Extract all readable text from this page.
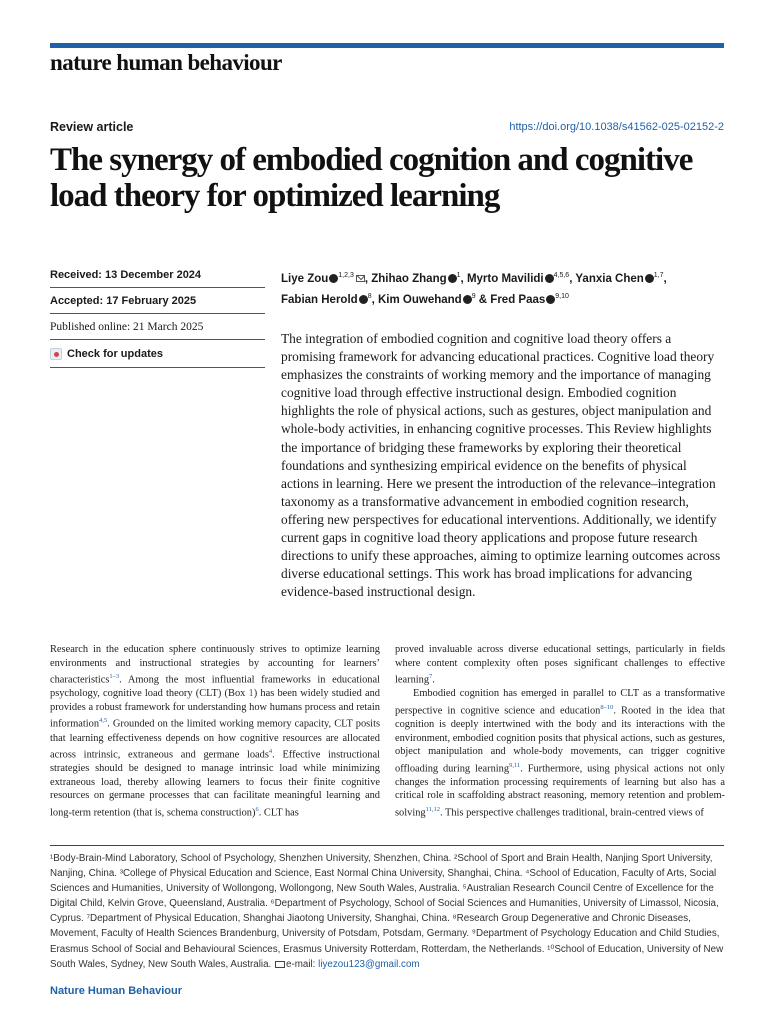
nature human behaviour
Review article	https://doi.org/10.1038/s41562-025-02152-2
The synergy of embodied cognition and cognitive load theory for optimized learning
Received: 13 December 2024
Accepted: 17 February 2025
Published online: 21 March 2025
Check for updates
Liye Zou $^{1,2,3}$ , Zhihao Zhang $^1$, Myrto Mavilidi $^{4,5,6}$, Yanxia Chen $^{1,7}$, Fabian Herold $^8$, Kim Ouwehand $^9$ & Fred Paas $^{9,10}$

The integration of embodied cognition and cognitive load theory offers a promising framework for advancing educational practices. Cognitive load theory emphasizes the constraints of working memory and the importance of managing cognitive load through effective instructional design. Embodied cognition highlights the role of physical actions, such as gestures, object manipulation and whole-body activities, in enhancing cognitive processes. This Review highlights the importance of bridging these frameworks by exploring their theoretical foundations and synthesizing empirical evidence on the benefits of physical actions in learning. Here we present the introduction of the relevance–integration taxonomy as a transformative advancement in embodied cognition research, offering new perspectives for educational interventions. Additionally, we identify current gaps in cognitive load theory applications and propose future research directions to unify these approaches, aiming to optimize learning outcomes across diverse educational settings. This work has broad implications for advancing evidence-based instructional design.

Research in the education sphere continuously strives to optimize learning environments and instructional strategies by accounting for learners’ characteristics$^{1-3}$. Among the most influential frameworks in educational psychology, cognitive load theory (CLT) (Box 1) has been widely studied and provides a robust framework for understanding how humans process and retain information$^{4,5}$. Grounded on the limited working memory capacity, CLT posits that learning effectiveness depends on how cognitive resources are allocated across intrinsic, extraneous and germane loads$^4$. Effective instructional strategies should be designed to manage intrinsic load while minimizing extraneous load, thereby allowing learners to focus their finite cognitive resources on germane processes that can facilitate meaningful learning and long-term retention (that is, schema construction)$^6$. CLT has

proved invaluable across diverse educational settings, particularly in fields where content complexity often poses significant challenges to effective learning$^7$.

Embodied cognition has emerged in parallel to CLT as a transformative perspective in cognitive science and education$^{8-10}$. Rooted in the idea that cognition is deeply intertwined with the body and its interactions with the environment, embodied cognition posits that physical actions, such as gestures, object manipulation and whole-body movements, can trigger cognitive offloading during learning$^{9,11}$. Furthermore, using physical actions not only changes the information processing requirements of learning but also has a critical role in scaffolding abstract reasoning, memory retention and problem-solving$^{11,12}$. This perspective challenges traditional, brain-centred views of

¹Body-Brain-Mind Laboratory, School of Psychology, Shenzhen University, Shenzhen, China. ²School of Sport and Brain Health, Nanjing Sport University, Nanjing, China. ³College of Physical Education and Science, East Normal China University, Shanghai, China. ⁴School of Education, Faculty of Arts, Social Sciences and Humanities, University of Wollongong, Wollongong, New South Wales, Australia. ⁵Australian Research Council Centre of Excellence for the Digital Child, Kelvin Grove, Queensland, Australia. ⁶Department of Psychology, School of Social Sciences and Humanities, University of Limassol, Nicosia, Cyprus. ⁷Department of Physical Education, Shanghai Jiaotong University, Shanghai, China. ⁸Research Group Degenerative and Chronic Diseases, Movement, Faculty of Health Sciences Brandenburg, University of Potsdam, Potsdam, Germany. ⁹Department of Psychology Education and Child Studies, Erasmus School of Social and Behavioural Sciences, Erasmus University Rotterdam, Rotterdam, the Netherlands. ¹⁰School of Education, University of New South Wales, Sydney, New South Wales, Australia. e-mail: liyezou123@gmail.com
Nature Human Behaviour
